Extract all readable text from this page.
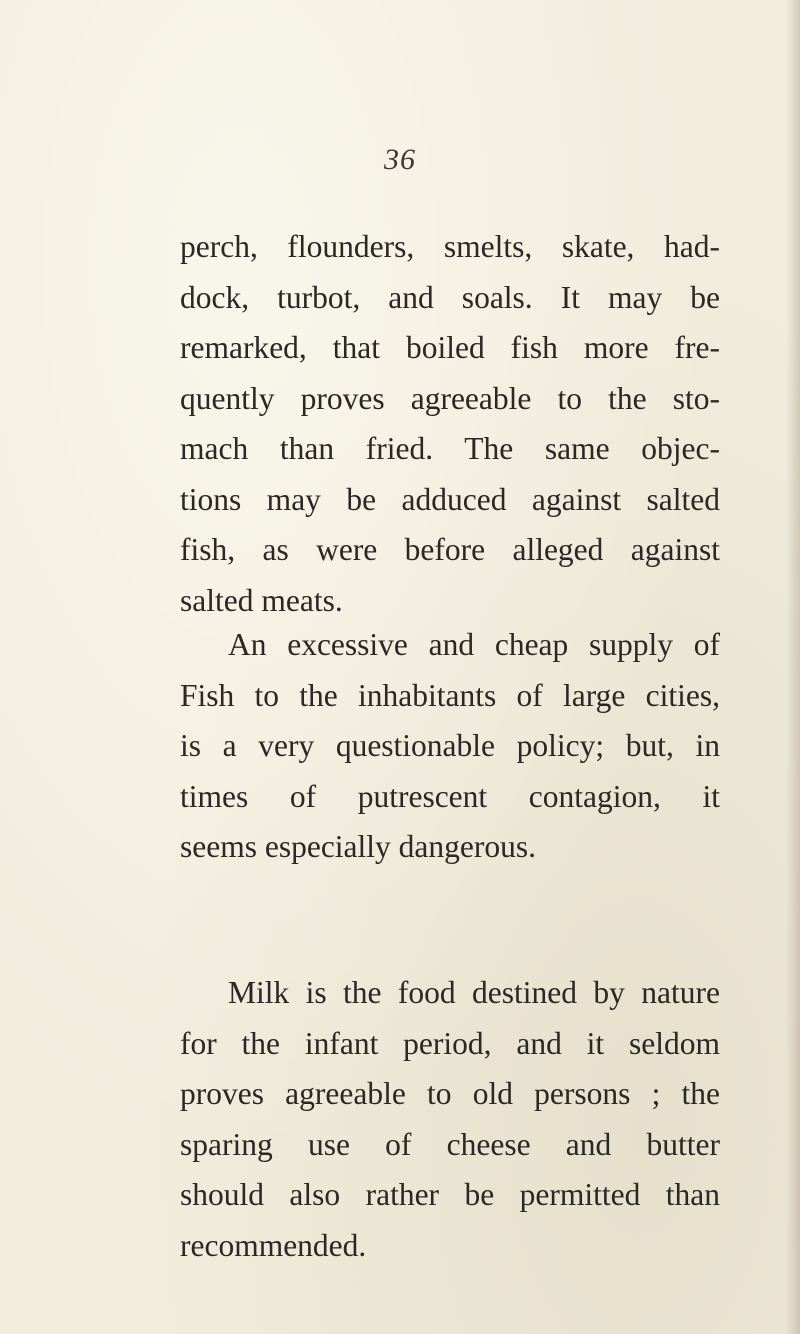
36
perch, flounders, smelts, skate, had-
dock, turbot, and soals. It may be
remarked, that boiled fish more fre-
quently proves agreeable to the sto-
mach than fried. The same objec-
tions may be adduced against salted
fish, as were before alleged against
salted meats.
An excessive and cheap supply of
Fish to the inhabitants of large cities,
is a very questionable policy; but, in
times of putrescent contagion, it
seems especially dangerous.
Milk is the food destined by nature
for the infant period, and it seldom
proves agreeable to old persons ; the
sparing use of cheese and butter
should also rather be permitted than
recommended.
